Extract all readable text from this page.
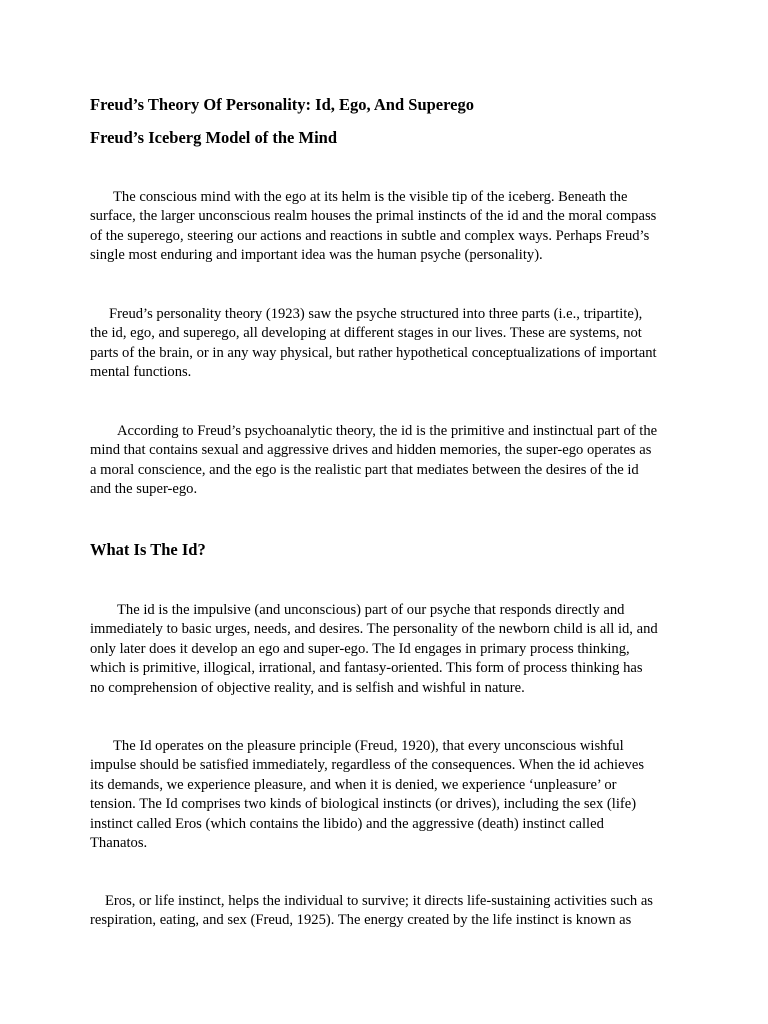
Freud’s Theory Of Personality: Id, Ego, And Superego
Freud’s Iceberg Model of the Mind

The conscious mind with the ego at its helm is the visible tip of the iceberg. Beneath the
surface, the larger unconscious realm houses the primal instincts of the id and the moral compass
of the superego, steering our actions and reactions in subtle and complex ways. Perhaps Freud’s
single most enduring and important idea was the human psyche (personality).

Freud’s personality theory (1923) saw the psyche structured into three parts (i.e., tripartite),
the id, ego, and superego, all developing at different stages in our lives. These are systems, not
parts of the brain, or in any way physical, but rather hypothetical conceptualizations of important
mental functions.

According to Freud’s psychoanalytic theory, the id is the primitive and instinctual part of the
mind that contains sexual and aggressive drives and hidden memories, the super-ego operates as
a moral conscience, and the ego is the realistic part that mediates between the desires of the id
and the super-ego.

What Is The Id?

The id is the impulsive (and unconscious) part of our psyche that responds directly and
immediately to basic urges, needs, and desires. The personality of the newborn child is all id, and
only later does it develop an ego and super-ego. The Id engages in primary process thinking,
which is primitive, illogical, irrational, and fantasy-oriented. This form of process thinking has
no comprehension of objective reality, and is selfish and wishful in nature.

The Id operates on the pleasure principle (Freud, 1920), that every unconscious wishful
impulse should be satisfied immediately, regardless of the consequences. When the id achieves
its demands, we experience pleasure, and when it is denied, we experience ‘unpleasure’ or
tension. The Id comprises two kinds of biological instincts (or drives), including the sex (life)
instinct called Eros (which contains the libido) and the aggressive (death) instinct called
Thanatos.

Eros, or life instinct, helps the individual to survive; it directs life-sustaining activities such as
respiration, eating, and sex (Freud, 1925). The energy created by the life instinct is known as
